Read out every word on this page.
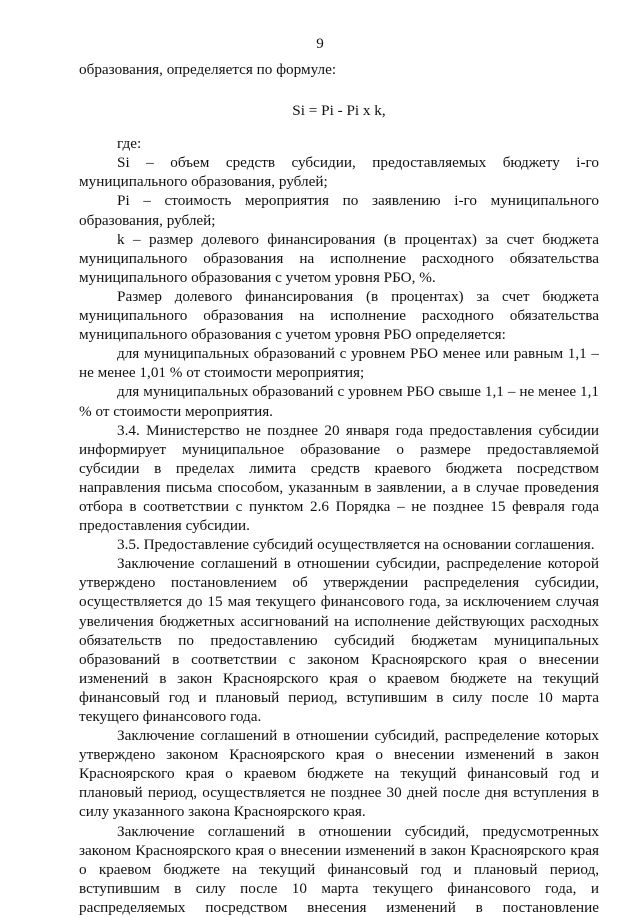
9

образования, определяется по формуле:

Si = Pi - Pi x k,

где:

Si – объем средств субсидии, предоставляемых бюджету i-го муниципального образования, рублей;

Pi – стоимость мероприятия по заявлению i-го муниципального образования, рублей;

k – размер долевого финансирования (в процентах) за счет бюджета муниципального образования на исполнение расходного обязательства муниципального образования с учетом уровня РБО, %.

Размер долевого финансирования (в процентах) за счет бюджета муниципального образования на исполнение расходного обязательства муниципального образования с учетом уровня РБО определяется:

для муниципальных образований с уровнем РБО менее или равным 1,1 – не менее 1,01 % от стоимости мероприятия;

для муниципальных образований с уровнем РБО свыше 1,1 – не менее 1,1 % от стоимости мероприятия.

3.4. Министерство не позднее 20 января года предоставления субсидии информирует муниципальное образование о размере предоставляемой субсидии в пределах лимита средств краевого бюджета посредством направления письма способом, указанным в заявлении, а в случае проведения отбора в соответствии с пунктом 2.6 Порядка – не позднее 15 февраля года предоставления субсидии.

3.5. Предоставление субсидий осуществляется на основании соглашения.

Заключение соглашений в отношении субсидии, распределение которой утверждено постановлением об утверждении распределения субсидии, осуществляется до 15 мая текущего финансового года, за исключением случая увеличения бюджетных ассигнований на исполнение действующих расходных обязательств по предоставлению субсидий бюджетам муниципальных образований в соответствии с законом Красноярского края о внесении изменений в закон Красноярского края о краевом бюджете на текущий финансовый год и плановый период, вступившим в силу после 10 марта текущего финансового года.

Заключение соглашений в отношении субсидий, распределение которых утверждено законом Красноярского края о внесении изменений в закон Красноярского края о краевом бюджете на текущий финансовый год и плановый период, осуществляется не позднее 30 дней после дня вступления в силу указанного закона Красноярского края.

Заключение соглашений в отношении субсидий, предусмотренных законом Красноярского края о внесении изменений в закон Красноярского края о краевом бюджете на текущий финансовый год и плановый период, вступившим в силу после 10 марта текущего финансового года, и распределяемых посредством внесения изменений в постановление
